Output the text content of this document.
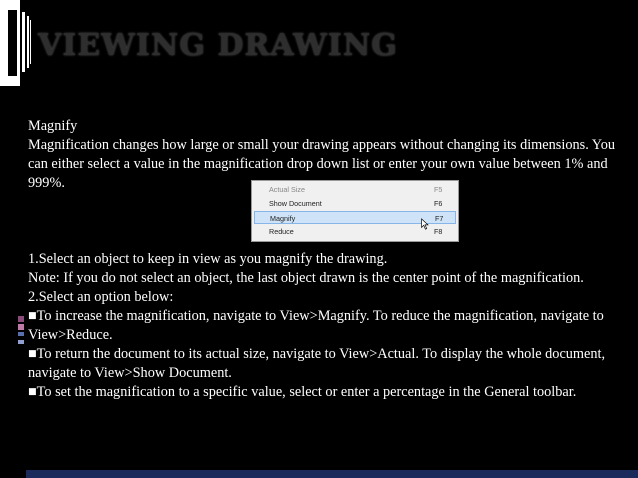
VIEWING DRAWING

Magnify

Magnification changes how large or small your drawing appears without changing its dimensions. You can either select a value in the magnification drop down list or enter your own value between 1% and 999%.	Actual Size	F5
Show Document	F6
Magnify	F7
Reduce	F8

1.Select an object to keep in view as you magnify the drawing.

Note: If you do not select an object, the last object drawn is the center point of the magnification.

2.Select an option below:

■To increase the magnification, navigate to View>Magnify. To reduce the magnification, navigate to View>Reduce.

■To return the document to its actual size, navigate to View>Actual. To display the whole document, navigate to View>Show Document.

■To set the magnification to a specific value, select or enter a percentage in the General toolbar.
